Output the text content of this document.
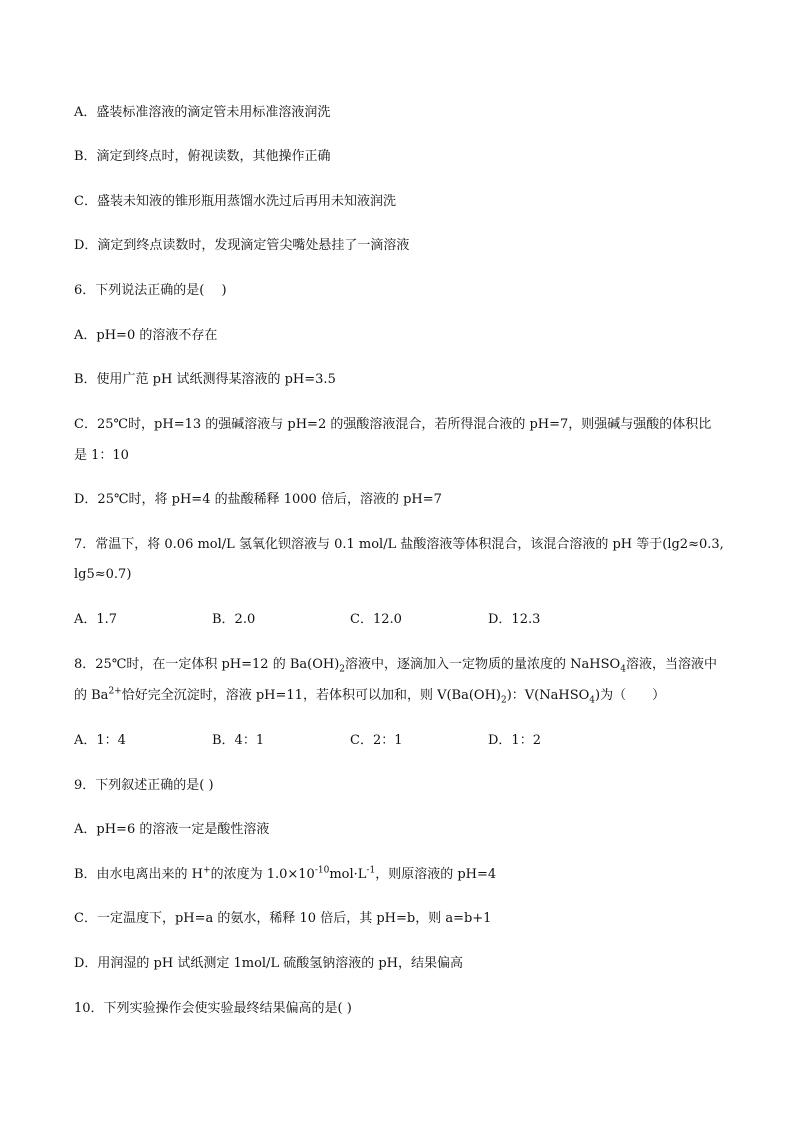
A．盛装标准溶液的滴定管未用标准溶液润洗
B．滴定到终点时，俯视读数，其他操作正确
C．盛装未知液的锥形瓶用蒸馏水洗过后再用未知液润洗
D．滴定到终点读数时，发现滴定管尖嘴处悬挂了一滴溶液
6．下列说法正确的是(　 )
A．pH=0 的溶液不存在
B．使用广范 pH 试纸测得某溶液的 pH=3.5
C．25℃时，pH=13 的强碱溶液与 pH=2 的强酸溶液混合，若所得混合液的 pH=7，则强碱与强酸的体积比
是 1：10
D．25℃时，将 pH=4 的盐酸稀释 1000 倍后，溶液的 pH=7
7．常温下，将 0.06 mol/L 氢氧化钡溶液与 0.1 mol/L 盐酸溶液等体积混合，该混合溶液的 pH 等于(lg2≈0.3,
lg5≈0.7)
A．1.7	B．2.0	C．12.0	D．12.3
8．25℃时，在一定体积 pH=12 的 $Ba(OH)_2$溶液中，逐滴加入一定物质的量浓度的 NaHSO$_4$溶液，当溶液中
的 $Ba^{2+}$恰好完全沉淀时，溶液 pH=11，若体积可以加和，则 $V(Ba(OH)_2)$：V(NaHSO$_4$)为（　　）
A．1：4	B．4：1	C．2：1	D．1：2
9．下列叙述正确的是( )
A．pH=6 的溶液一定是酸性溶液
B．由水电离出来的 H+的浓度为 $1.0\times 10^{-10}mol\cdot L^{-1}$，则原溶液的 pH=4
C．一定温度下，pH=a 的氨水，稀释 10 倍后，其 pH=b，则 a=b+1
D．用润湿的 pH 试纸测定 1mol/L 硫酸氢钠溶液的 pH，结果偏高
10．下列实验操作会使实验最终结果偏高的是( )
